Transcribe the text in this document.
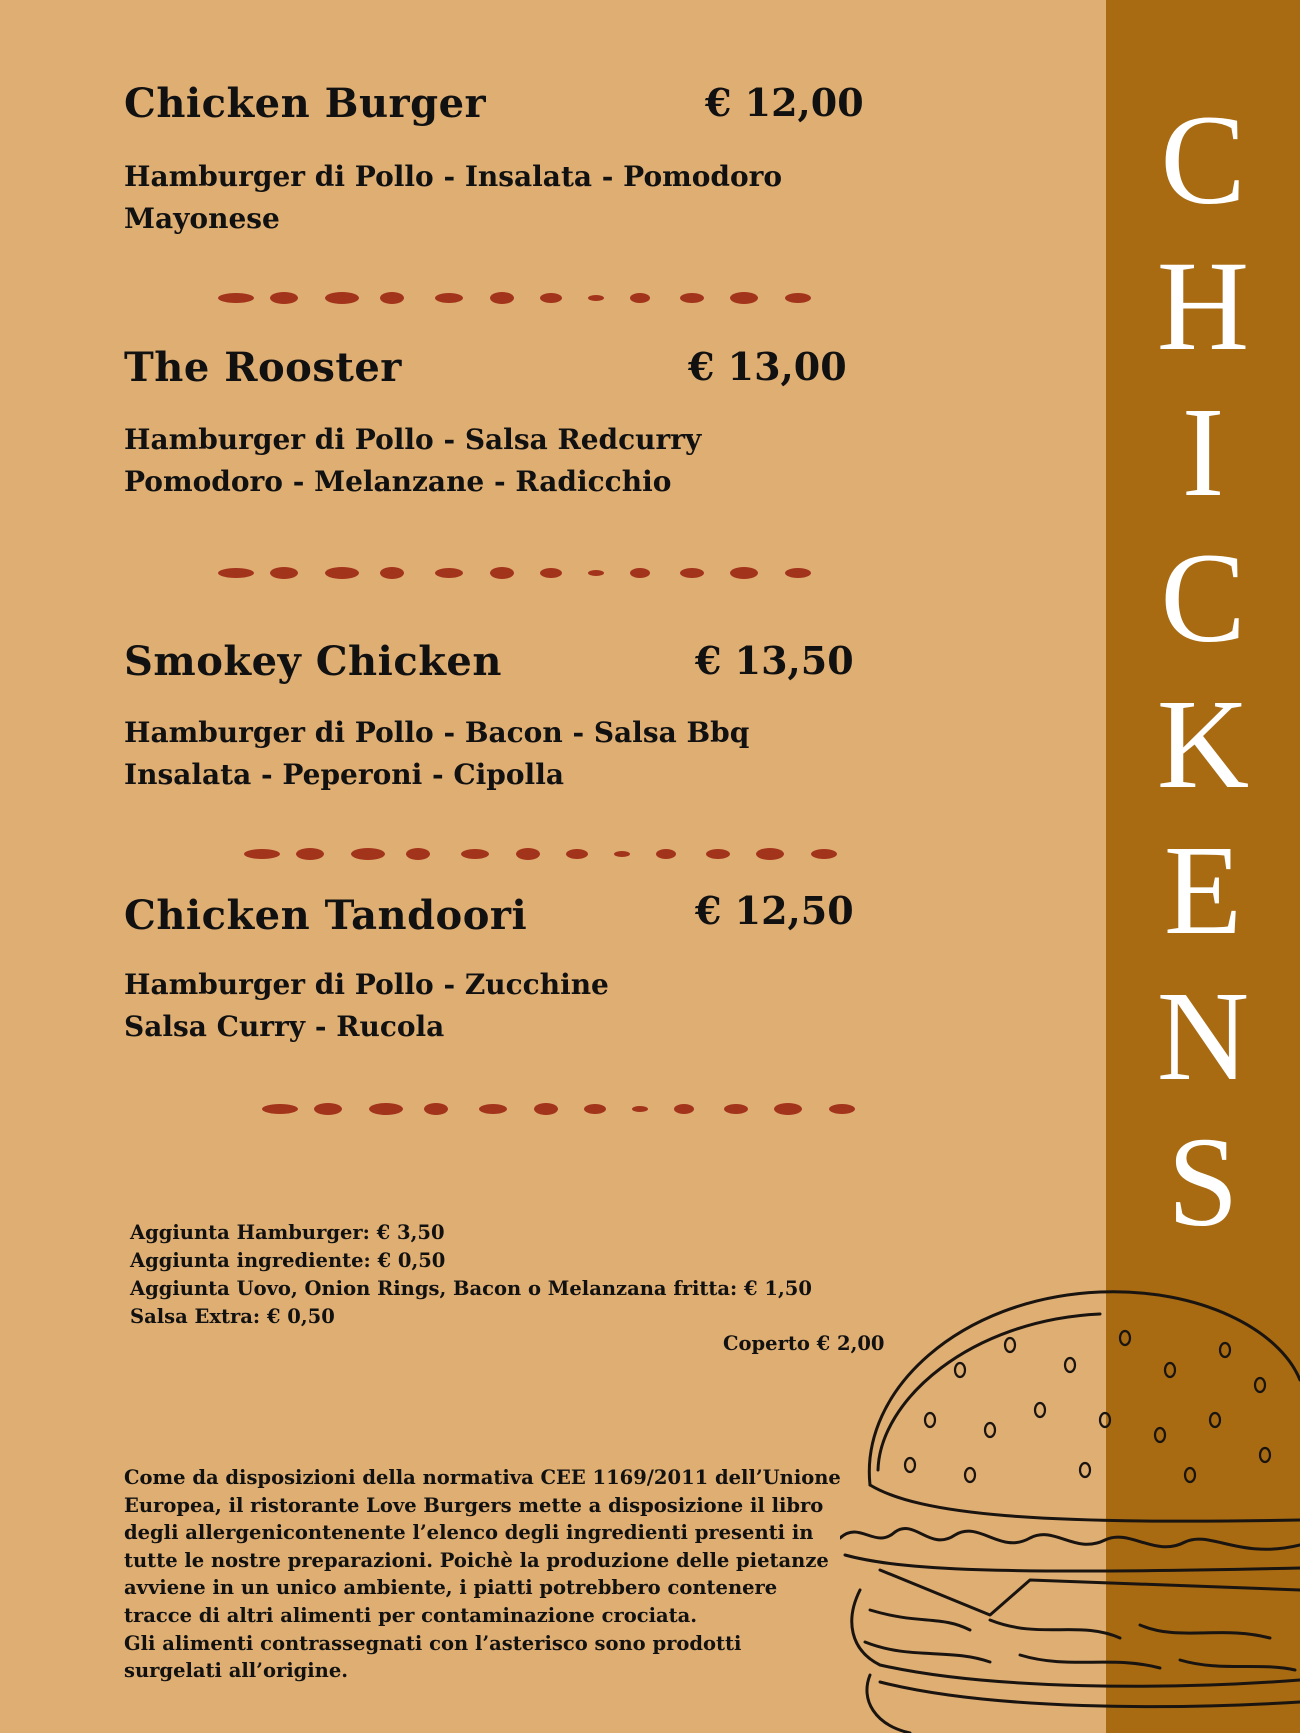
C
H
I
C
K
E
N
S
Chicken Burger	€ 12,00
Hamburger di Pollo - Insalata - Pomodoro
Mayonese
The Rooster	€ 13,00
Hamburger di Pollo - Salsa Redcurry
Pomodoro - Melanzane - Radicchio
Smokey Chicken	€ 13,50
Hamburger di Pollo - Bacon - Salsa Bbq
Insalata - Peperoni - Cipolla
Chicken Tandoori	€ 12,50
Hamburger di Pollo - Zucchine
Salsa Curry - Rucola
Aggiunta Hamburger: € 3,50
Aggiunta ingrediente: € 0,50
Aggiunta Uovo, Onion Rings, Bacon o Melanzana fritta: € 1,50
Salsa Extra: € 0,50
Coperto € 2,00
Come da disposizioni della normativa CEE 1169/2011 dell’Unione
Europea, il ristorante Love Burgers mette a disposizione il libro
degli allergenicontenente l’elenco degli ingredienti presenti in
tutte le nostre preparazioni. Poichè la produzione delle pietanze
avviene in un unico ambiente, i piatti potrebbero contenere
tracce di altri alimenti per contaminazione crociata.
Gli alimenti contrassegnati con l’asterisco sono prodotti
surgelati all’origine.
